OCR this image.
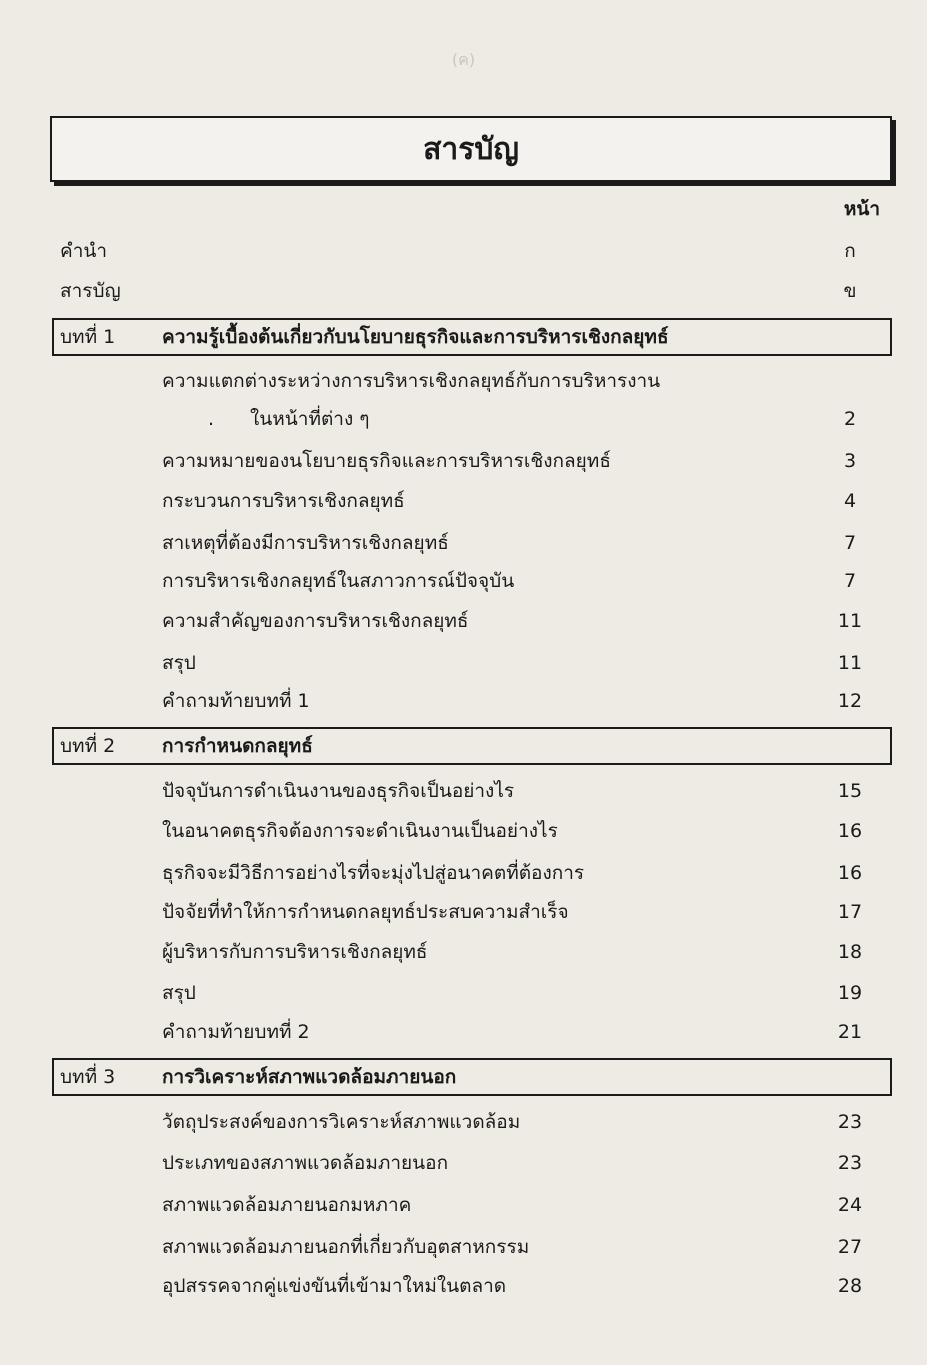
(ค)
สารบัญ
หน้า
คำนำ	ก
สารบัญ	ข
บทที่ 1 ความรู้เบื้องต้นเกี่ยวกับนโยบายธุรกิจและการบริหารเชิงกลยุทธ์
ความแตกต่างระหว่างการบริหารเชิงกลยุทธ์กับการบริหารงาน
. ในหน้าที่ต่าง ๆ	2
ความหมายของนโยบายธุรกิจและการบริหารเชิงกลยุทธ์	3
กระบวนการบริหารเชิงกลยุทธ์	4
สาเหตุที่ต้องมีการบริหารเชิงกลยุทธ์	7
การบริหารเชิงกลยุทธ์ในสภาวการณ์ปัจจุบัน	7
ความสำคัญของการบริหารเชิงกลยุทธ์	11
สรุป	11
คำถามท้ายบทที่ 1	12
บทที่ 2 การกำหนดกลยุทธ์
ปัจจุบันการดำเนินงานของธุรกิจเป็นอย่างไร	15
ในอนาคตธุรกิจต้องการจะดำเนินงานเป็นอย่างไร	16
ธุรกิจจะมีวิธีการอย่างไรที่จะมุ่งไปสู่อนาคตที่ต้องการ	16
ปัจจัยที่ทำให้การกำหนดกลยุทธ์ประสบความสำเร็จ	17
ผู้บริหารกับการบริหารเชิงกลยุทธ์	18
สรุป	19
คำถามท้ายบทที่ 2	21
บทที่ 3 การวิเคราะห์สภาพแวดล้อมภายนอก
วัตถุประสงค์ของการวิเคราะห์สภาพแวดล้อม	23
ประเภทของสภาพแวดล้อมภายนอก	23
สภาพแวดล้อมภายนอกมหภาค	24
สภาพแวดล้อมภายนอกที่เกี่ยวกับอุตสาหกรรม	27
อุปสรรคจากคู่แข่งขันที่เข้ามาใหม่ในตลาด	28
